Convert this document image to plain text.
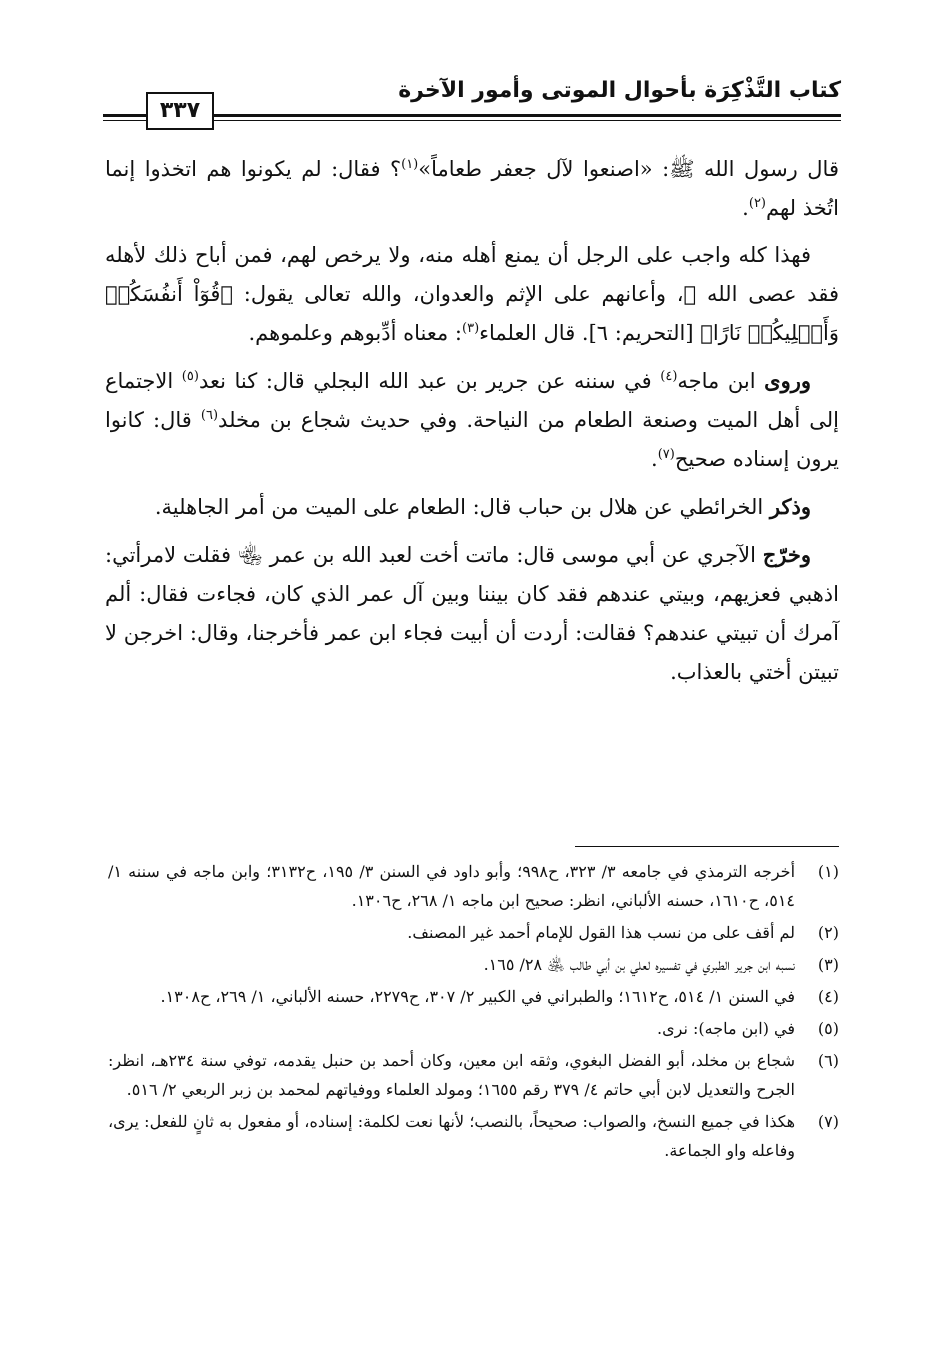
كتاب التَّذْكِرَة بأحوال الموتى وأمور الآخرة
٣٣٧

قال رسول الله ﷺ: «اصنعوا لآل جعفر طعاماً»$^{(١)}$؟ فقال: لم يكونوا هم اتخذوا إنما اتُخذ لهم$^{(٢)}$.

فهذا كله واجب على الرجل أن يمنع أهله منه، ولا يرخص لهم، فمن أباح ذلك لأهله فقد عصى الله ﷻ، وأعانهم على الإثم والعدوان، والله تعالى يقول: ﴿قُوٓاْ أَنفُسَكُمۡ وَأَهۡلِيكُمۡ نَارًا﴾ [التحريم: ٦]. قال العلماء$^{(٣)}$: معناه أدِّبوهم وعلموهم.

وروى ابن ماجه$^{(٤)}$ في سننه عن جرير بن عبد الله البجلي قال: كنا نعد$^{(٥)}$ الاجتماع إلى أهل الميت وصنعة الطعام من النياحة. وفي حديث شجاع بن مخلد$^{(٦)}$ قال: كانوا يرون إسناده صحيح$^{(٧)}$.

وذكر الخرائطي عن هلال بن حباب قال: الطعام على الميت من أمر الجاهلية.

وخرّج الآجري عن أبي موسى قال: ماتت أخت لعبد الله بن عمر ﵄ فقلت لامرأتي: اذهبي فعزيهم، وبيتي عندهم فقد كان بيننا وبين آل عمر الذي كان، فجاءت فقال: ألم آمرك أن تبيتي عندهم؟ فقالت: أردت أن أبيت فجاء ابن عمر فأخرجنا، وقال: اخرجن لا تبيتن أختي بالعذاب.

(١)
أخرجه الترمذي في جامعه ٣/ ٣٢٣، ح٩٩٨؛ وأبو داود في السنن ٣/ ١٩٥، ح٣١٣٢؛ وابن ماجه في سننه ١/ ٥١٤، ح١٦١٠، حسنه الألباني، انظر: صحيح ابن ماجه ١/ ٢٦٨، ح١٣٠٦.
(٢)
لم أقف على من نسب هذا القول للإمام أحمد غير المصنف.
(٣)
نسبه ابن جرير الطبري في تفسيره لعلي بن أبي طالب ﵁ ٢٨/ ١٦٥.
(٤)
في السنن ١/ ٥١٤، ح١٦١٢؛ والطبراني في الكبير ٢/ ٣٠٧، ح٢٢٧٩، حسنه الألباني، ١/ ٢٦٩، ح١٣٠٨.
(٥)
في (ابن ماجه): نرى.
(٦)
شجاع بن مخلد، أبو الفضل البغوي، وثقه ابن معين، وكان أحمد بن حنبل يقدمه، توفي سنة ٢٣٤هـ، انظر: الجرح والتعديل لابن أبي حاتم ٤/ ٣٧٩ رقم ١٦٥٥؛ ومولد العلماء ووفياتهم لمحمد بن زبر الربعي ٢/ ٥١٦.
(٧)
هكذا في جميع النسخ، والصواب: صحيحاً، بالنصب؛ لأنها نعت لكلمة: إسناده، أو مفعول به ثانٍ للفعل: يرى، وفاعله واو الجماعة.
